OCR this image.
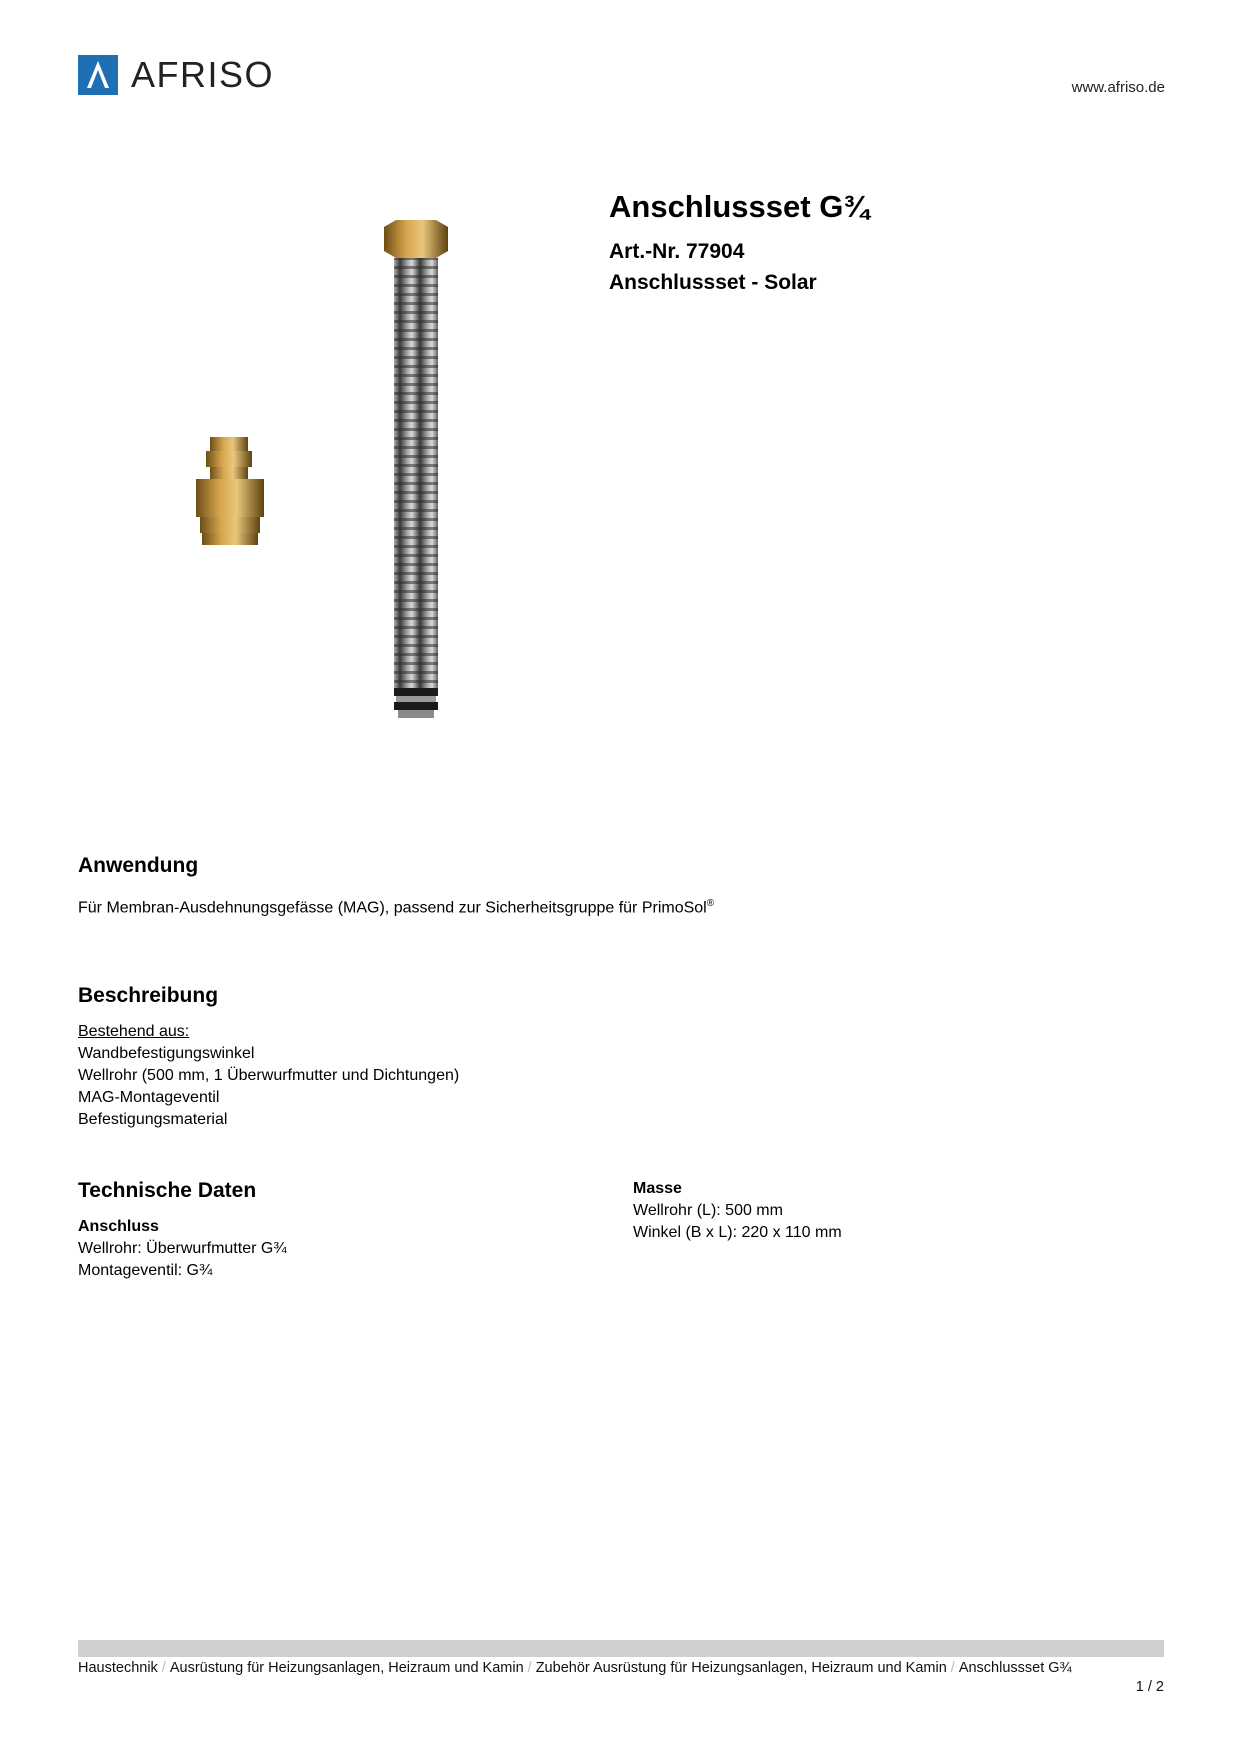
AFRISO	www.afriso.de
Anschlussset G¾
Art.-Nr. 77904
Anschlussset - Solar
Anwendung
Für Membran-Ausdehnungsgefässe (MAG), passend zur Sicherheitsgruppe für PrimoSol®
Beschreibung
Bestehend aus:
Wandbefestigungswinkel
Wellrohr (500 mm, 1 Überwurfmutter und Dichtungen)
MAG-Montageventil
Befestigungsmaterial
Technische Daten
Anschluss
Wellrohr: Überwurfmutter G¾
Montageventil: G¾
Masse
Wellrohr (L): 500 mm
Winkel (B x L): 220 x 110 mm
Haustechnik / Ausrüstung für Heizungsanlagen, Heizraum und Kamin / Zubehör Ausrüstung für Heizungsanlagen, Heizraum und Kamin / Anschlussset G¾
1 / 2
